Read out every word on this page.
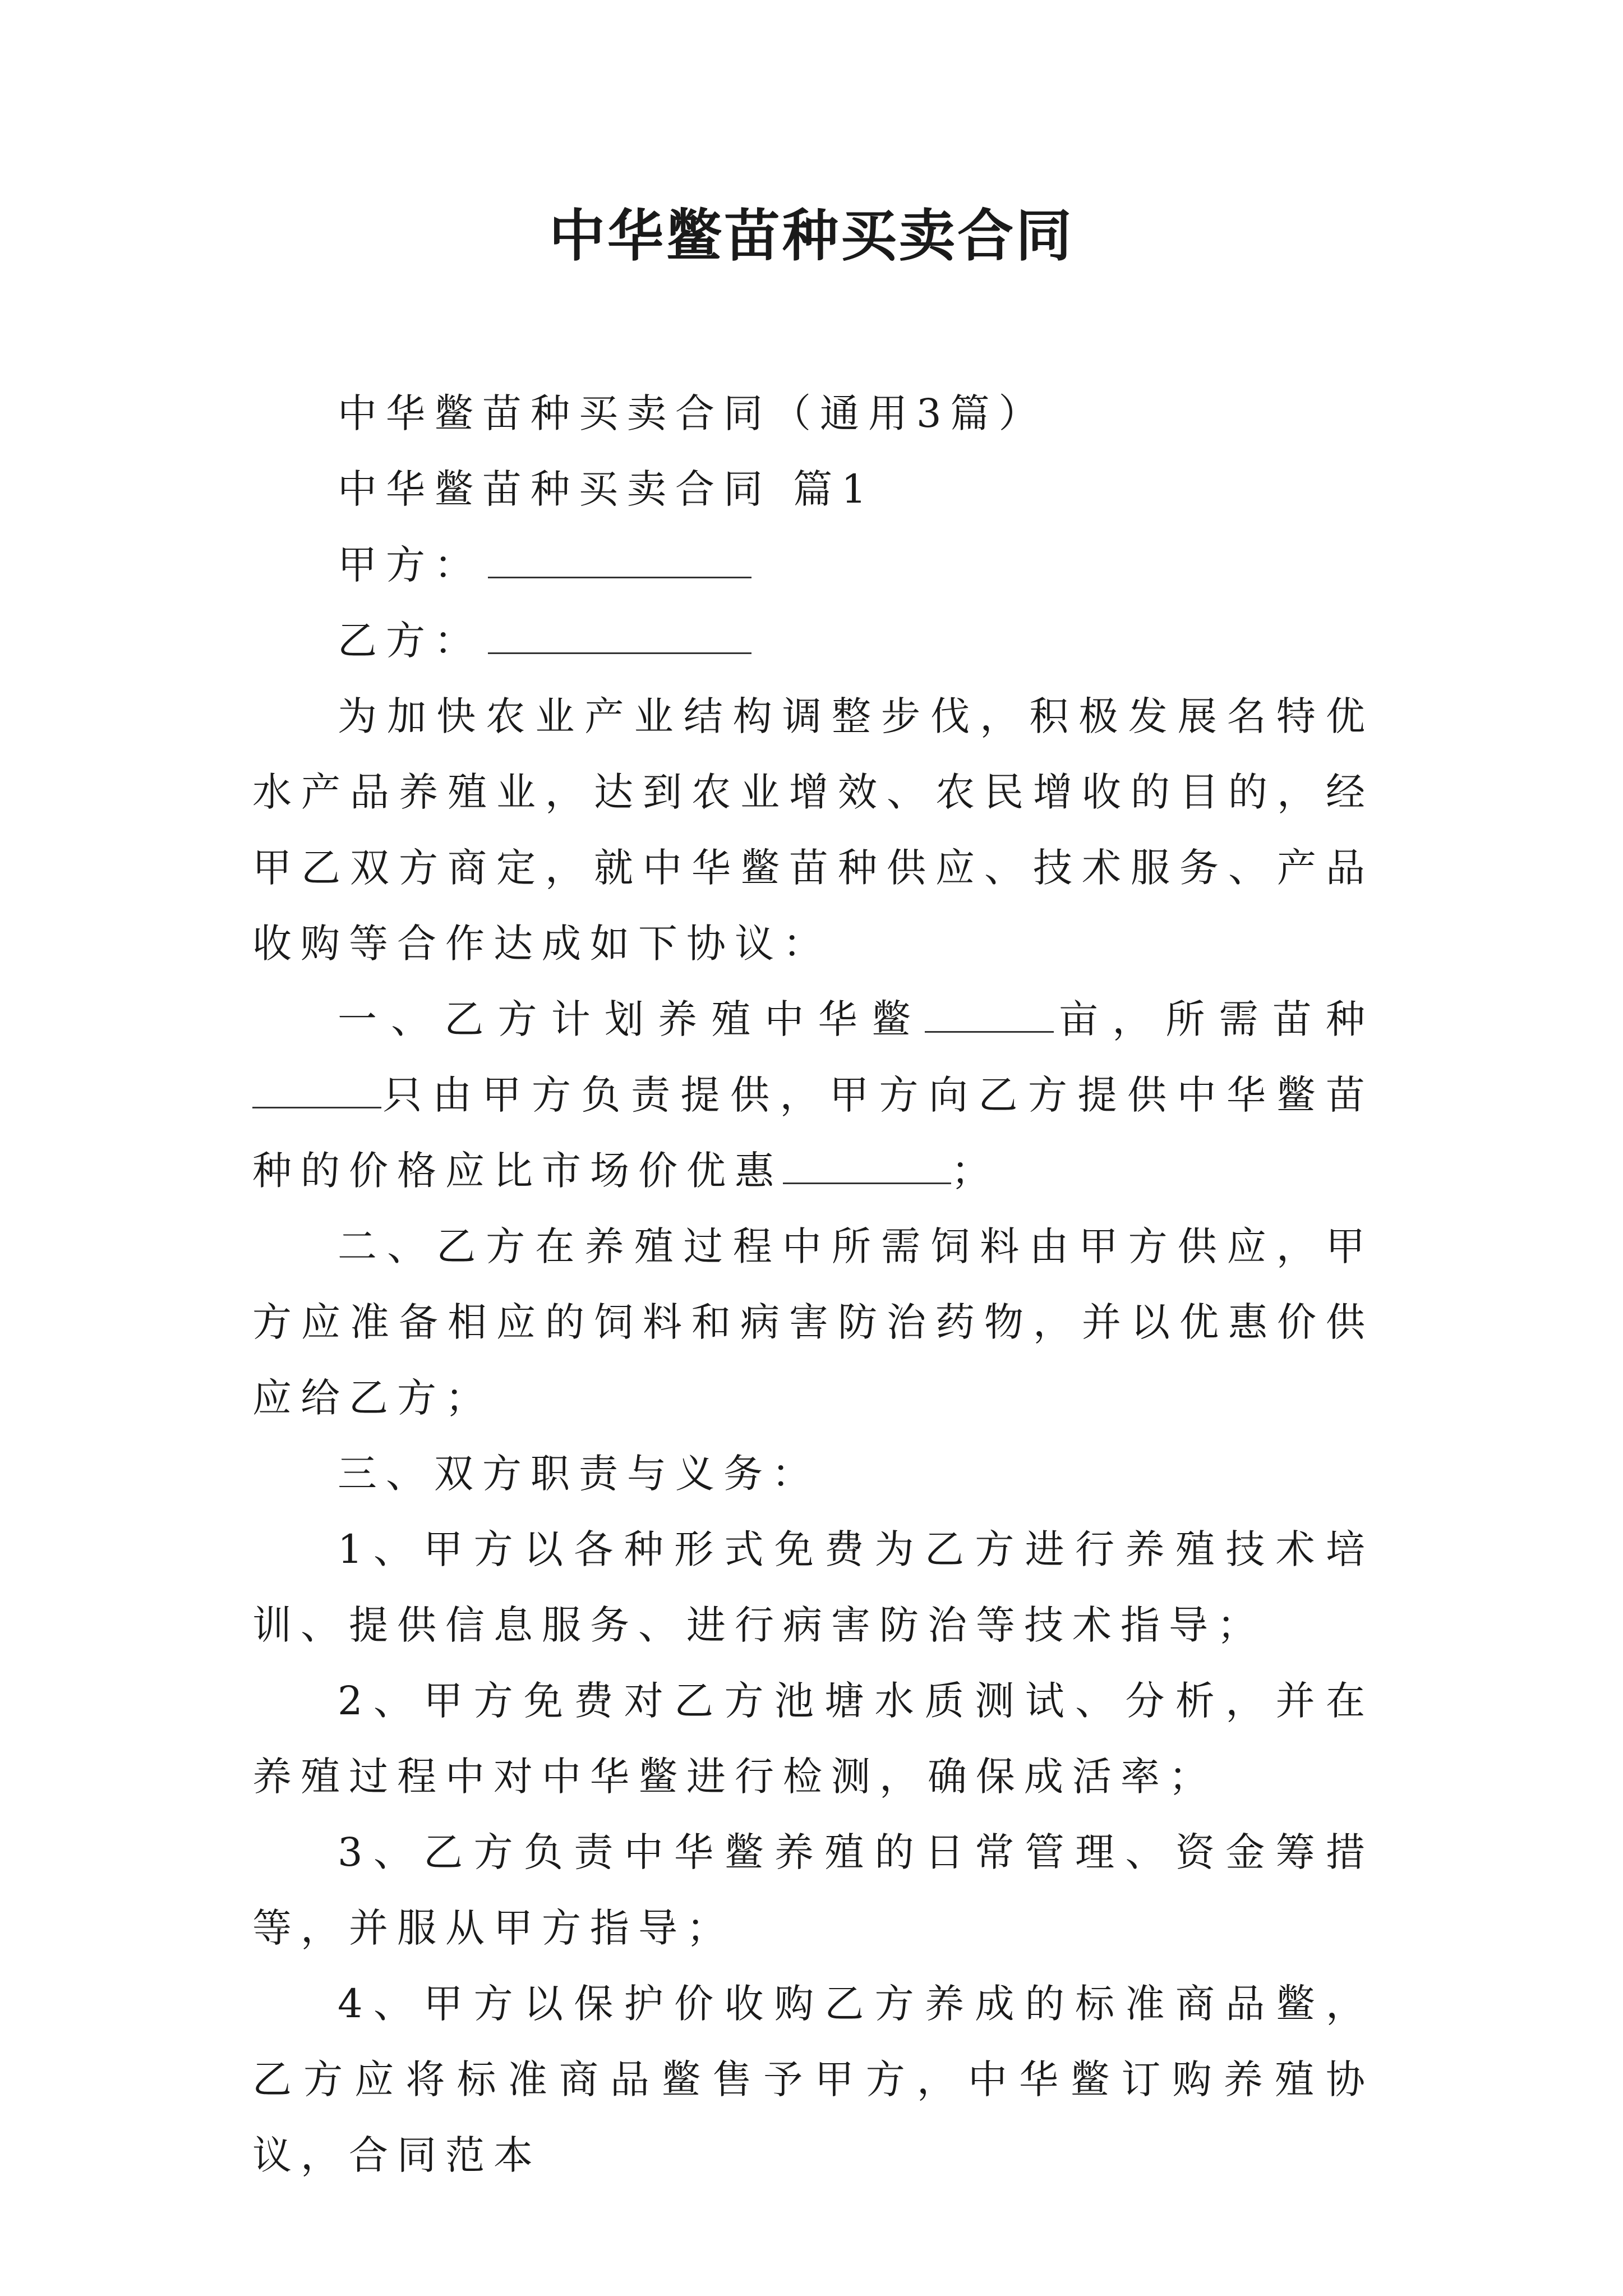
中华鳖苗种买卖合同
中华鳖苗种买卖合同（通用3篇）
中华鳖苗种买卖合同 篇1
甲方：
乙方：

为加快农业产业结构调整步伐，积极发展名特优水产品养殖业，达到农业增效、农民增收的目的，经甲乙双方商定，就中华鳖苗种供应、技术服务、产品收购等合作达成如下协议：

一、乙方计划养殖中华鳖	亩，所需苗种只由甲方负责提供，甲方向乙方提供中华鳖苗种的价格应比市场价优惠	；

二、乙方在养殖过程中所需饲料由甲方供应，甲方应准备相应的饲料和病害防治药物，并以优惠价供应给乙方；

三、双方职责与义务：

1、甲方以各种形式免费为乙方进行养殖技术培训、提供信息服务、进行病害防治等技术指导；

2、甲方免费对乙方池塘水质测试、分析，并在养殖过程中对中华鳖进行检测，确保成活率；

3、乙方负责中华鳖养殖的日常管理、资金筹措等，并服从甲方指导；

4、甲方以保护价收购乙方养成的标准商品鳖，乙方应将标准商品鳖售予甲方，中华鳖订购养殖协议，合同范本
